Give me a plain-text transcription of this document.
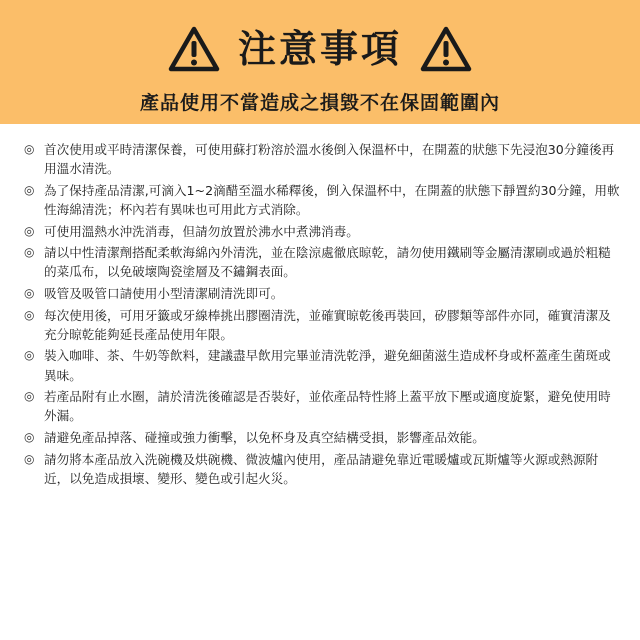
注意事項
產品使用不當造成之損毀不在保固範圍內
◎ 首次使用或平時清潔保養，可使用蘇打粉溶於溫水後倒入保溫杯中，在開蓋的狀態下先浸泡30分鐘後再用溫水清洗。
◎ 為了保持產品清潔,可滴入1~2滴醋至溫水稀釋後，倒入保溫杯中，在開蓋的狀態下靜置約30分鐘，用軟性海綿清洗；杯內若有異味也可用此方式消除。
◎ 可使用溫熱水沖洗消毒，但請勿放置於沸水中煮沸消毒。
◎ 請以中性清潔劑搭配柔軟海綿內外清洗，並在陰涼處徹底晾乾，請勿使用鐵刷等金屬清潔刷或過於粗糙的菜瓜布，以免破壞陶瓷塗層及不鏽鋼表面。
◎ 吸管及吸管口請使用小型清潔刷清洗即可。
◎ 每次使用後，可用牙籤或牙線棒挑出膠圈清洗，並確實晾乾後再裝回，矽膠類等部件亦同，確實清潔及充分晾乾能夠延長產品使用年限。
◎ 裝入咖啡、茶、牛奶等飲料，建議盡早飲用完畢並清洗乾淨，避免細菌滋生造成杯身或杯蓋產生菌斑或異味。
◎ 若產品附有止水圈，請於清洗後確認是否裝好，並依產品特性將上蓋平放下壓或適度旋緊，避免使用時外漏。
◎ 請避免產品掉落、碰撞或強力衝擊，以免杯身及真空結構受損，影響產品效能。
◎ 請勿將本產品放入洗碗機及烘碗機、微波爐內使用，產品請避免靠近電暖爐或瓦斯爐等火源或熱源附近，以免造成損壞、變形、變色或引起火災。
